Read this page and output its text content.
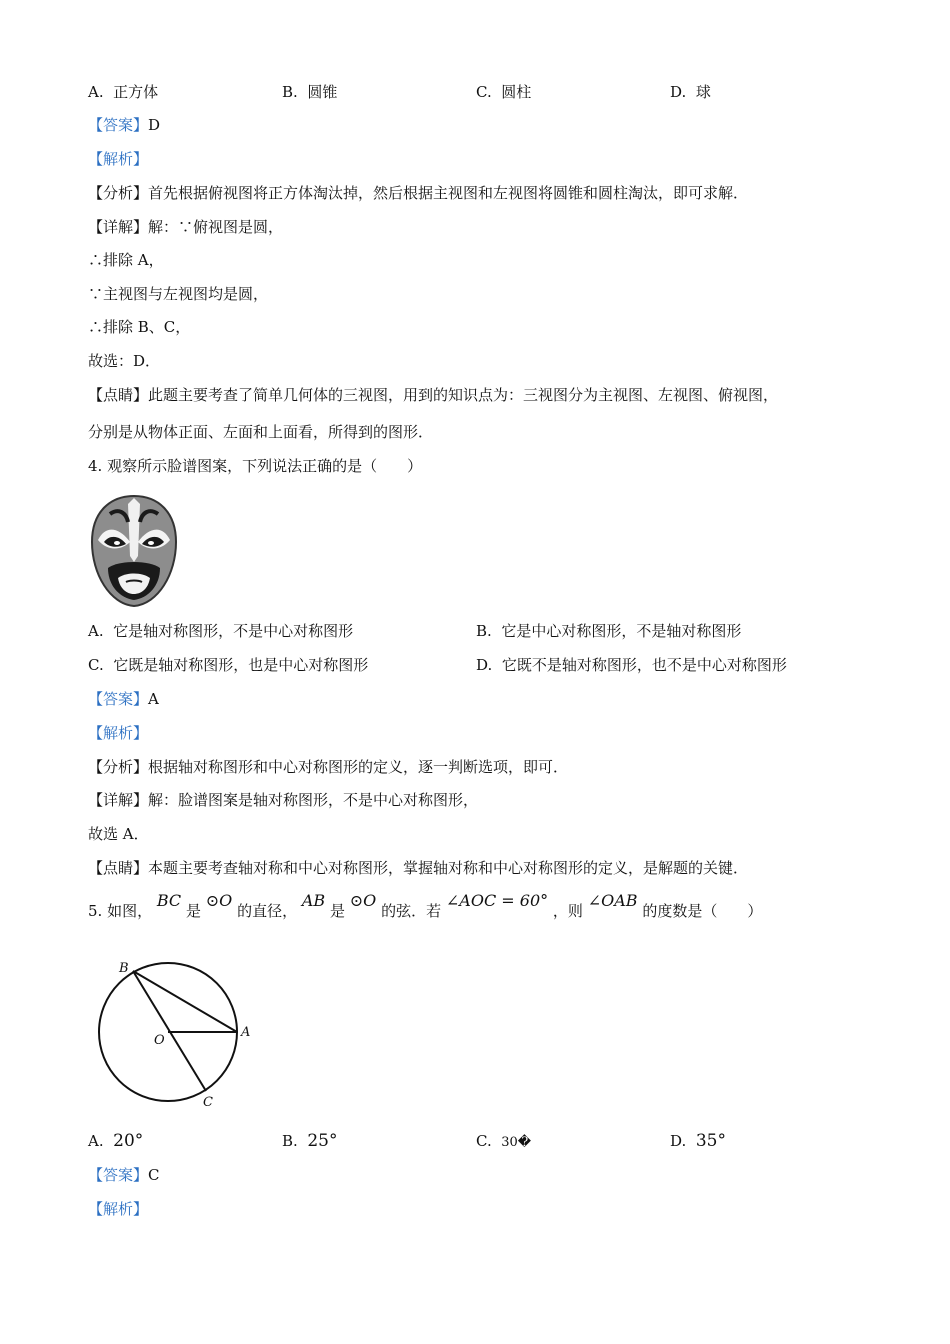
A. 正方体	B. 圆锥	C. 圆柱	D. 球
【答案】D
【解析】
【分析】首先根据俯视图将正方体淘汰掉，然后根据主视图和左视图将圆锥和圆柱淘汰，即可求解．
【详解】解：∵俯视图是圆，
∴排除 A，
∵主视图与左视图均是圆，
∴排除 B、C，
故选：D．
【点睛】此题主要考查了简单几何体的三视图，用到的知识点为：三视图分为主视图、左视图、俯视图，
分别是从物体正面、左面和上面看，所得到的图形．
4. 观察所示脸谱图案，下列说法正确的是（　　）
A. 它是轴对称图形，不是中心对称图形	B. 它是中心对称图形，不是轴对称图形
C. 它既是轴对称图形，也是中心对称图形	D. 它既不是轴对称图形，也不是中心对称图形
【答案】A
【解析】
【分析】根据轴对称图形和中心对称图形的定义，逐一判断选项，即可．
【详解】解：脸谱图案是轴对称图形，不是中心对称图形，
故选 A．
【点睛】本题主要考查轴对称和中心对称图形，掌握轴对称和中心对称图形的定义，是解题的关键．
5. 如图， BC 是 ⊙O 的直径， AB 是 ⊙O 的弦．若 ∠AOC = 60° ，则 ∠OAB 的度数是（　　）
B
O
A
C
A. 20°	B. 25°	C. 30�	D. 35°
【答案】C
【解析】
